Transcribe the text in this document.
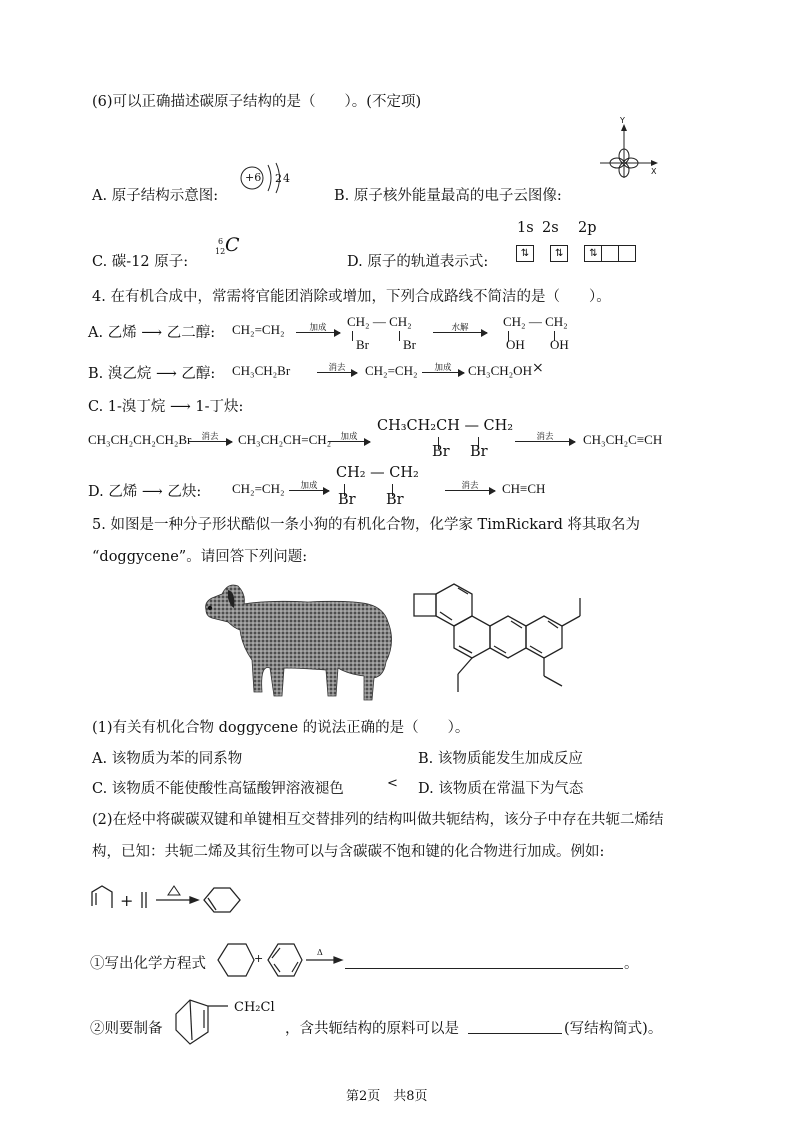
(6)可以正确描述碳原子结构的是（　　）。(不定项)
+6 2 4
Y
X
A. 原子结构示意图:	B. 原子核外能量最高的电子云图像:
1s 2s 2p
⇅	⇅	⇅
C. 碳-12 原子:
6
12 C
D. 原子的轨道表示式:
4. 在有机合成中，常需将官能团消除或增加，下列合成路线不简洁的是（　　）。
A. 乙烯 ⟶ 乙二醇: CH₂=CH₂	加成	CH₂ — CH₂
Br	Br
水解	CH₂ — CH₂
OH OH
B. 溴乙烷 ⟶ 乙醇: CH₃CH₂Br	消去	CH₂=CH₂	加成	CH₃CH₂OH ×
C. 1-溴丁烷 ⟶ 1-丁炔:
CH₃CH₂CH₂CH₂Br	消去	CH₃CH₂CH=CH₂	加成
CH₃CH₂CH — CH₂
Br Br
消去	CH₃CH₂C≡CH
D. 乙烯 ⟶ 乙炔: CH₂=CH₂	加成
CH₂ — CH₂
Br Br
消去	CH≡CH
5. 如图是一种分子形状酷似一条小狗的有机化合物，化学家 TimRickard 将其取名为
“doggycene”。请回答下列问题:
(1)有关有机化合物 doggycene 的说法正确的是（　　）。
A. 该物质为苯的同系物	B. 该物质能发生加成反应
C. 该物质不能使酸性高锰酸钾溶液褪色	< D. 该物质在常温下为气态
(2)在烃中将碳碳双键和单键相互交替排列的结构叫做共轭结构，该分子中存在共轭二烯结
构，已知：共轭二烯及其衍生物可以与含碳碳不饱和键的化合物进行加成。例如:
+
①写出化学方程式	+	Δ
。
②则要制备
CH₂Cl
，含共轭结构的原料可以是	(写结构简式)。
第2页　共8页
